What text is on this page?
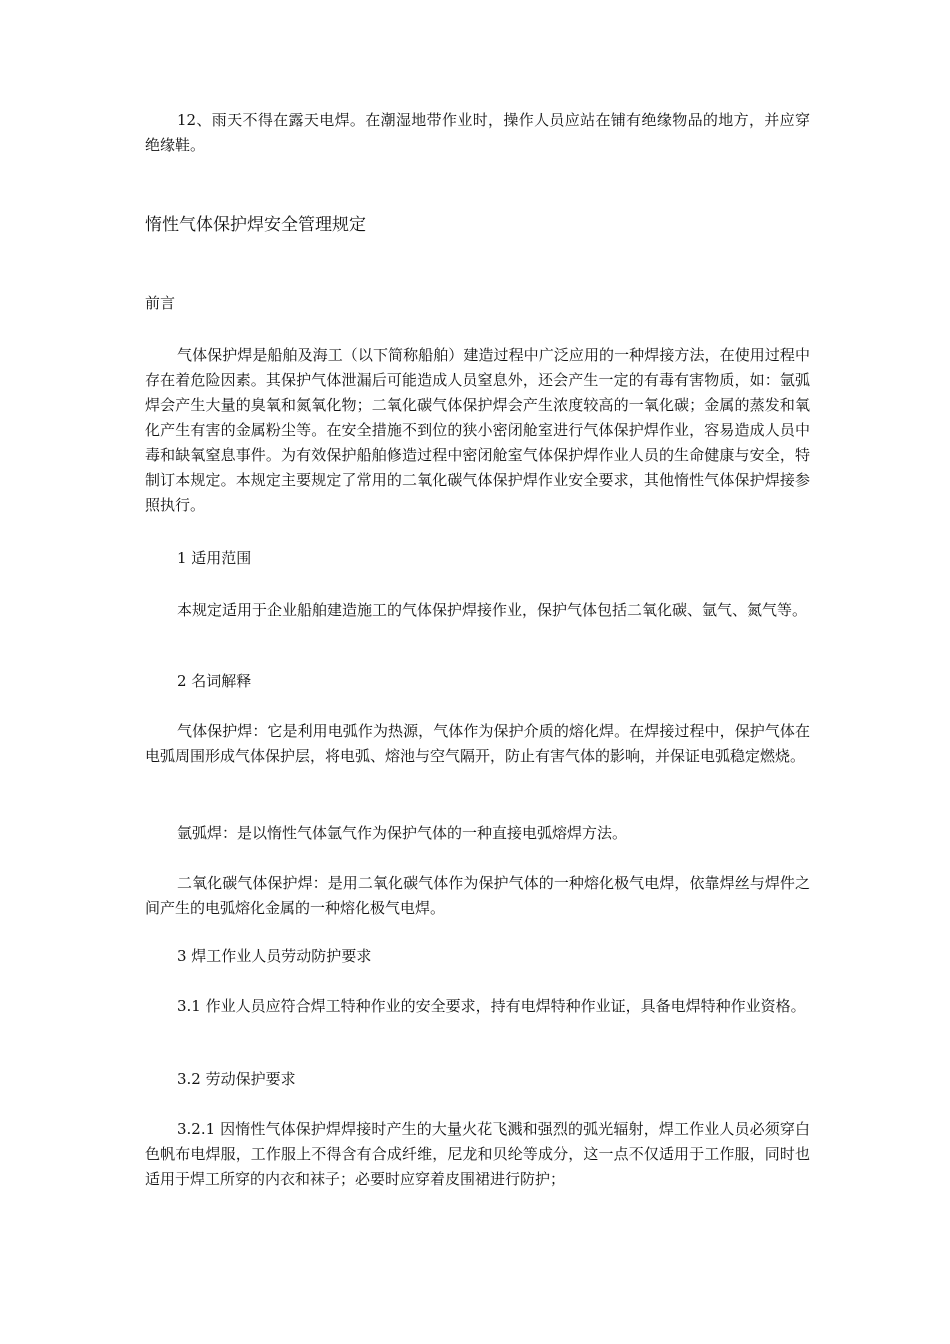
12、雨天不得在露天电焊。在潮湿地带作业时，操作人员应站在铺有绝缘物品的地方，并应穿绝缘鞋。

惰性气体保护焊安全管理规定

前言

气体保护焊是船舶及海工（以下简称船舶）建造过程中广泛应用的一种焊接方法，在使用过程中存在着危险因素。其保护气体泄漏后可能造成人员窒息外，还会产生一定的有毒有害物质，如：氩弧焊会产生大量的臭氧和氮氧化物；二氧化碳气体保护焊会产生浓度较高的一氧化碳；金属的蒸发和氧化产生有害的金属粉尘等。在安全措施不到位的狭小密闭舱室进行气体保护焊作业，容易造成人员中毒和缺氧窒息事件。为有效保护船舶修造过程中密闭舱室气体保护焊作业人员的生命健康与安全，特制订本规定。本规定主要规定了常用的二氧化碳气体保护焊作业安全要求，其他惰性气体保护焊接参照执行。

1 适用范围

本规定适用于企业船舶建造施工的气体保护焊接作业，保护气体包括二氧化碳、氩气、氮气等。

2 名词解释

气体保护焊：它是利用电弧作为热源，气体作为保护介质的熔化焊。在焊接过程中，保护气体在电弧周围形成气体保护层，将电弧、熔池与空气隔开，防止有害气体的影响，并保证电弧稳定燃烧。

氩弧焊：是以惰性气体氩气作为保护气体的一种直接电弧熔焊方法。

二氧化碳气体保护焊：是用二氧化碳气体作为保护气体的一种熔化极气电焊，依靠焊丝与焊件之间产生的电弧熔化金属的一种熔化极气电焊。

3 焊工作业人员劳动防护要求

3.1 作业人员应符合焊工特种作业的安全要求，持有电焊特种作业证，具备电焊特种作业资格。

3.2 劳动保护要求

3.2.1 因惰性气体保护焊焊接时产生的大量火花飞溅和强烈的弧光辐射，焊工作业人员必须穿白色帆布电焊服，工作服上不得含有合成纤维，尼龙和贝纶等成分，这一点不仅适用于工作服，同时也适用于焊工所穿的内衣和袜子；必要时应穿着皮围裙进行防护；
